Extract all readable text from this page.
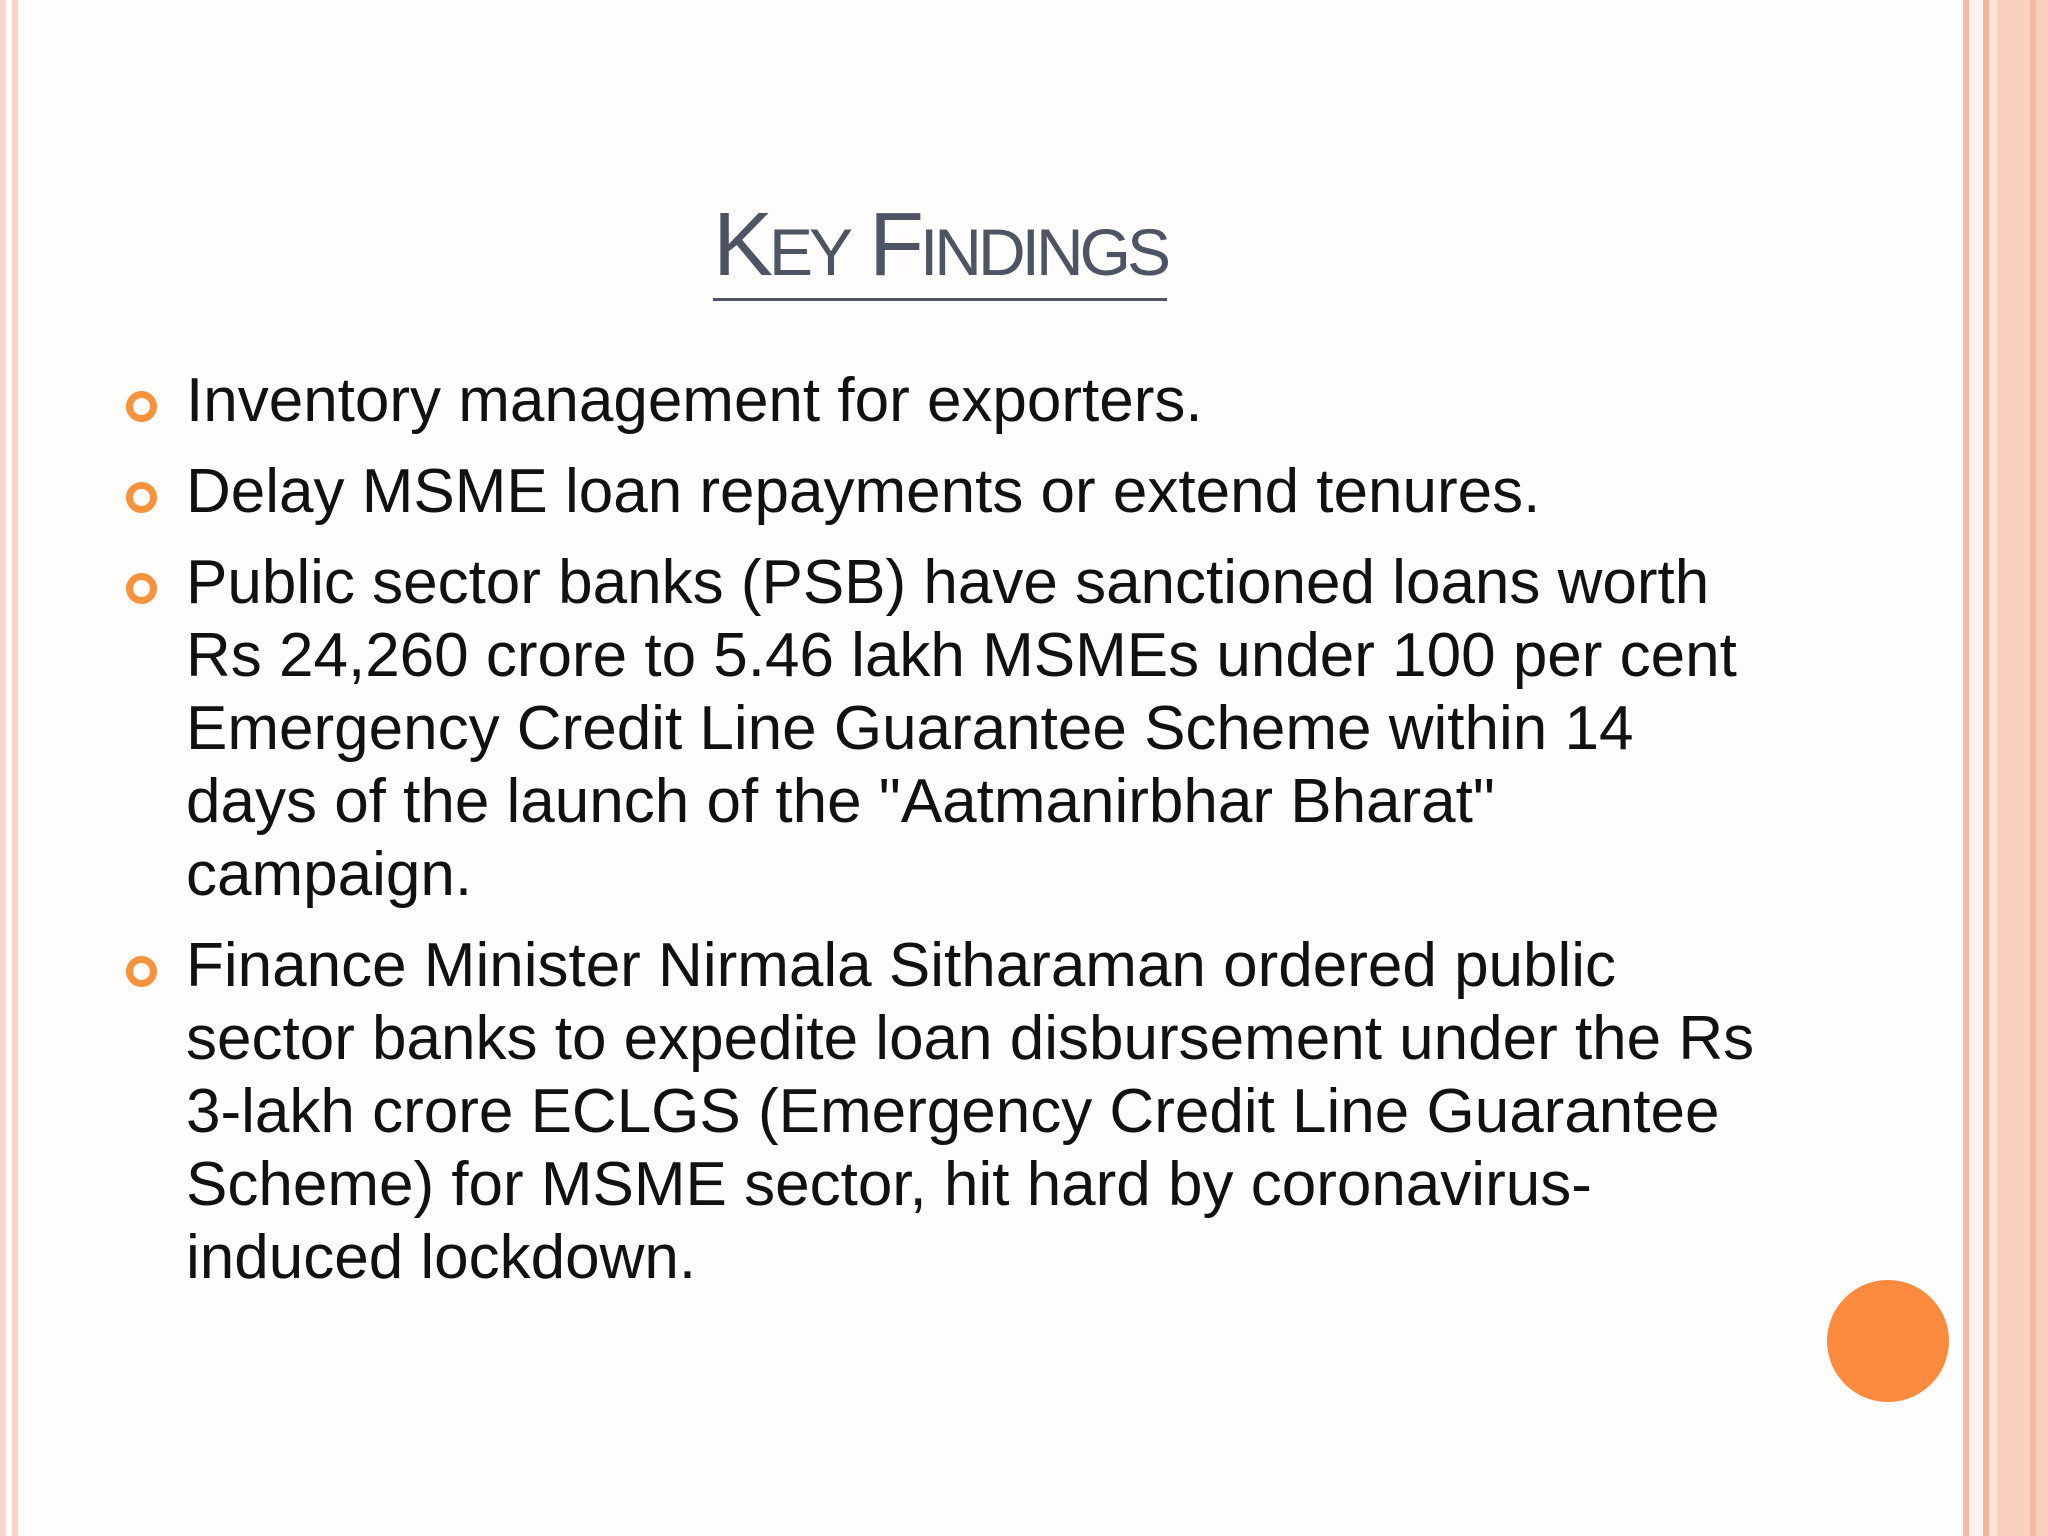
KEY FINDINGS
Inventory management for exporters.
Delay MSME loan repayments or extend tenures.
Public sector banks (PSB) have sanctioned loans worth Rs 24,260 crore to 5.46 lakh MSMEs under 100 per cent Emergency Credit Line Guarantee Scheme within 14 days of the launch of the "Aatmanirbhar Bharat" campaign.
Finance Minister Nirmala Sitharaman ordered public sector banks to expedite loan disbursement under the Rs 3-lakh crore ECLGS (Emergency Credit Line Guarantee Scheme) for MSME sector, hit hard by coronavirus-induced lockdown.
